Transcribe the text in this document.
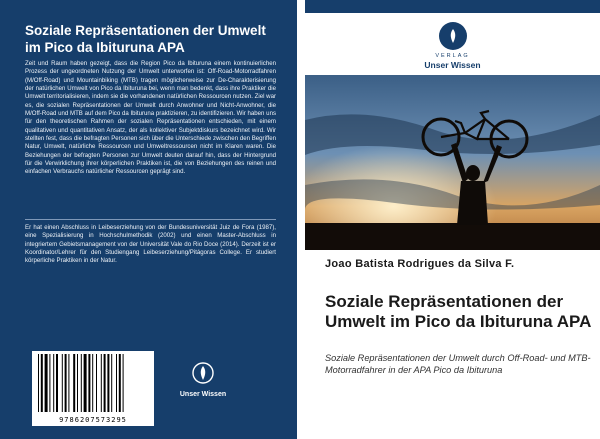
Soziale Repräsentationen der Umwelt im Pico da Ibituruna APA
Zeit und Raum haben gezeigt, dass die Region Pico da Ibituruna einem kontinuierlichen Prozess der ungeordneten Nutzung der Umwelt unterworfen ist: Off-Road-Motorradfahren (M/Off-Road) und Mountainbiking (MTB) tragen möglicherweise zur De-Charakterisierung der natürlichen Umwelt von Pico da Ibituruna bei, wenn man bedenkt, dass ihre Praktiker die Umwelt territorialisieren, indem sie die vorhandenen natürlichen Ressourcen nutzen. Ziel war es, die sozialen Repräsentationen der Umwelt durch Anwohner und Nicht-Anwohner, die M/Off-Road und MTB auf dem Pico da Ibituruna praktizieren, zu identifizieren. Wir haben uns für den theoretischen Rahmen der sozialen Repräsentationen entschieden, mit einem qualitativen und quantitativen Ansatz, der als kollektiver Subjektdiskurs bezeichnet wird. Wir stellten fest, dass die befragten Personen sich über die Unterschiede zwischen den Begriffen Natur, Umwelt, natürliche Ressourcen und Umweltressourcen nicht im Klaren waren. Die Beziehungen der befragten Personen zur Umwelt deuten darauf hin, dass der Hintergrund für die Verwirklichung ihrer körperlichen Praktiken ist, die von Beziehungen des reinen und einfachen Verbrauchs natürlicher Ressourcen geprägt sind.
Er hat einen Abschluss in Leibeserziehung von der Bundesuniversität Juiz de Fora (1987), eine Spezialisierung in Hochschulmethodik (2002) und einen Master-Abschluss in integriertem Gebietsmanagement von der Universität Vale do Rio Doce (2014). Derzeit ist er Koordinator/Lehrer für den Studiengang Leibeserziehung/Pitágoras College. Er studiert körperliche Praktiken in der Natur.
9786207573295
Unser Wissen
VERLAG
Unser Wissen
Joao Batista Rodrigues da Silva F.
Soziale Repräsentationen der Umwelt im Pico da Ibituruna APA
Soziale Repräsentationen der Umwelt durch Off-Road- und MTB-Motorradfahrer in der APA Pico da Ibituruna
